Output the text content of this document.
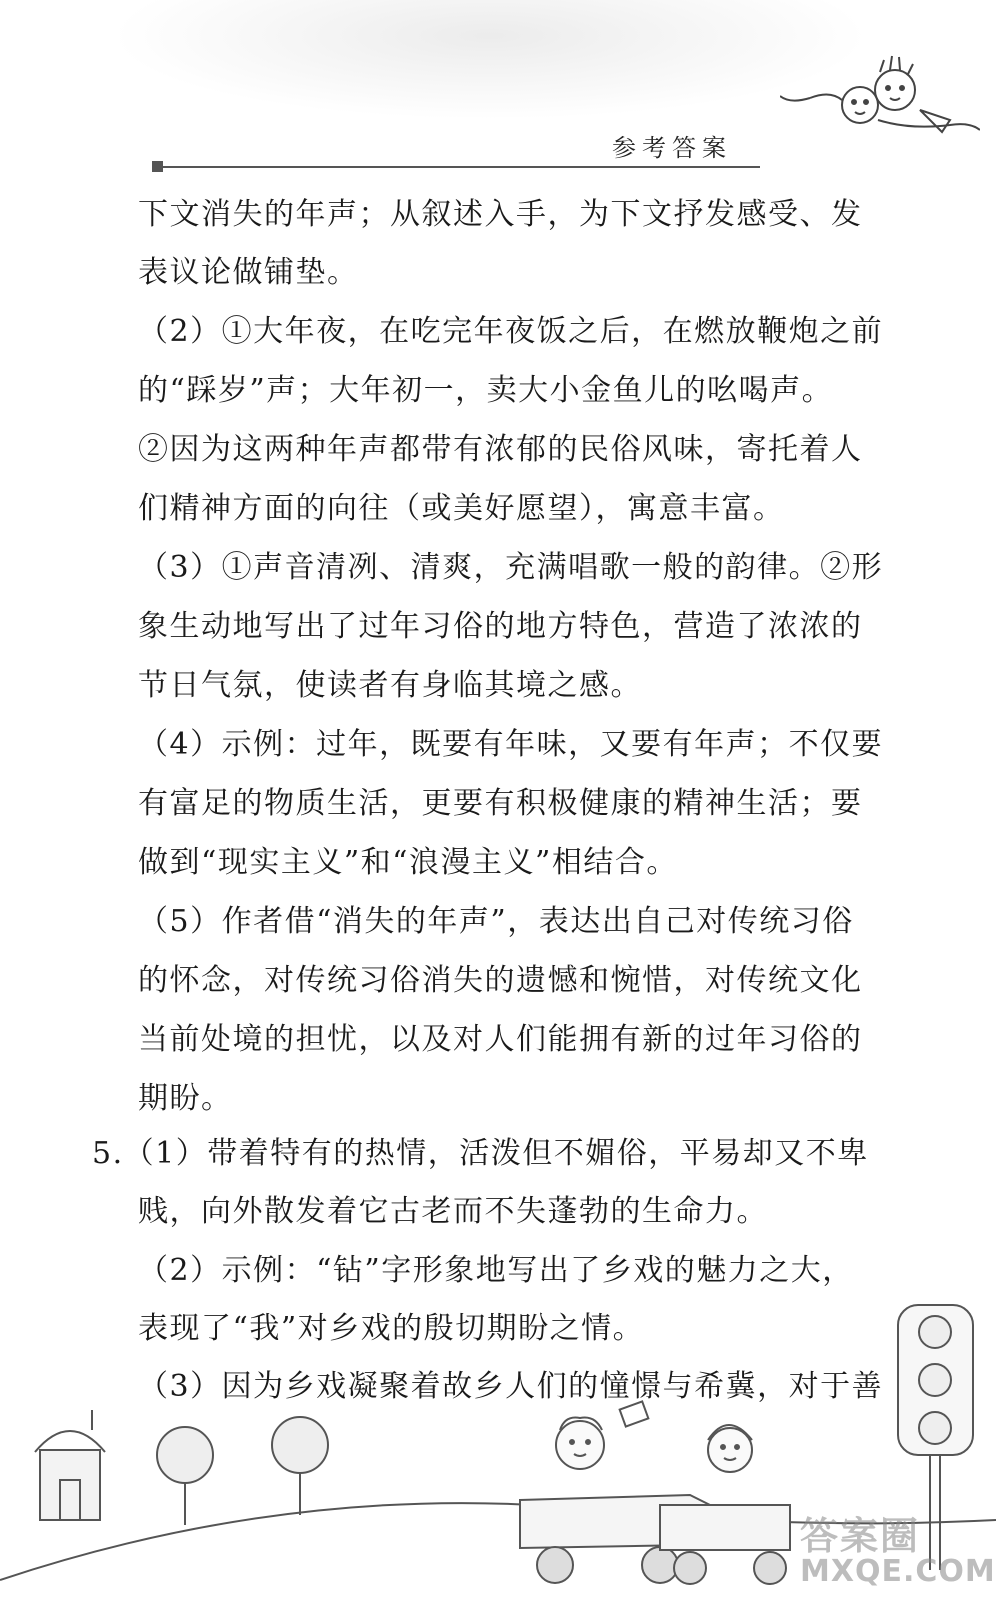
参考答案
下文消失的年声；从叙述入手，为下文抒发感受、发
表议论做铺垫。
（2）①大年夜，在吃完年夜饭之后，在燃放鞭炮之前
的“踩岁”声；大年初一，卖大小金鱼儿的吆喝声。
②因为这两种年声都带有浓郁的民俗风味，寄托着人
们精神方面的向往（或美好愿望），寓意丰富。
（3）①声音清冽、清爽，充满唱歌一般的韵律。②形
象生动地写出了过年习俗的地方特色，营造了浓浓的
节日气氛，使读者有身临其境之感。
（4）示例：过年，既要有年味，又要有年声；不仅要
有富足的物质生活，更要有积极健康的精神生活；要
做到“现实主义”和“浪漫主义”相结合。
（5）作者借“消失的年声”，表达出自己对传统习俗
的怀念，对传统习俗消失的遗憾和惋惜，对传统文化
当前处境的担忧，以及对人们能拥有新的过年习俗的
期盼。
5.（1）带着特有的热情，活泼但不媚俗，平易却又不卑
贱，向外散发着它古老而不失蓬勃的生命力。
（2）示例：“钻”字形象地写出了乡戏的魅力之大，
表现了“我”对乡戏的殷切期盼之情。
（3）因为乡戏凝聚着故乡人们的憧憬与希冀，对于善
答案圈
MXQE.COM
